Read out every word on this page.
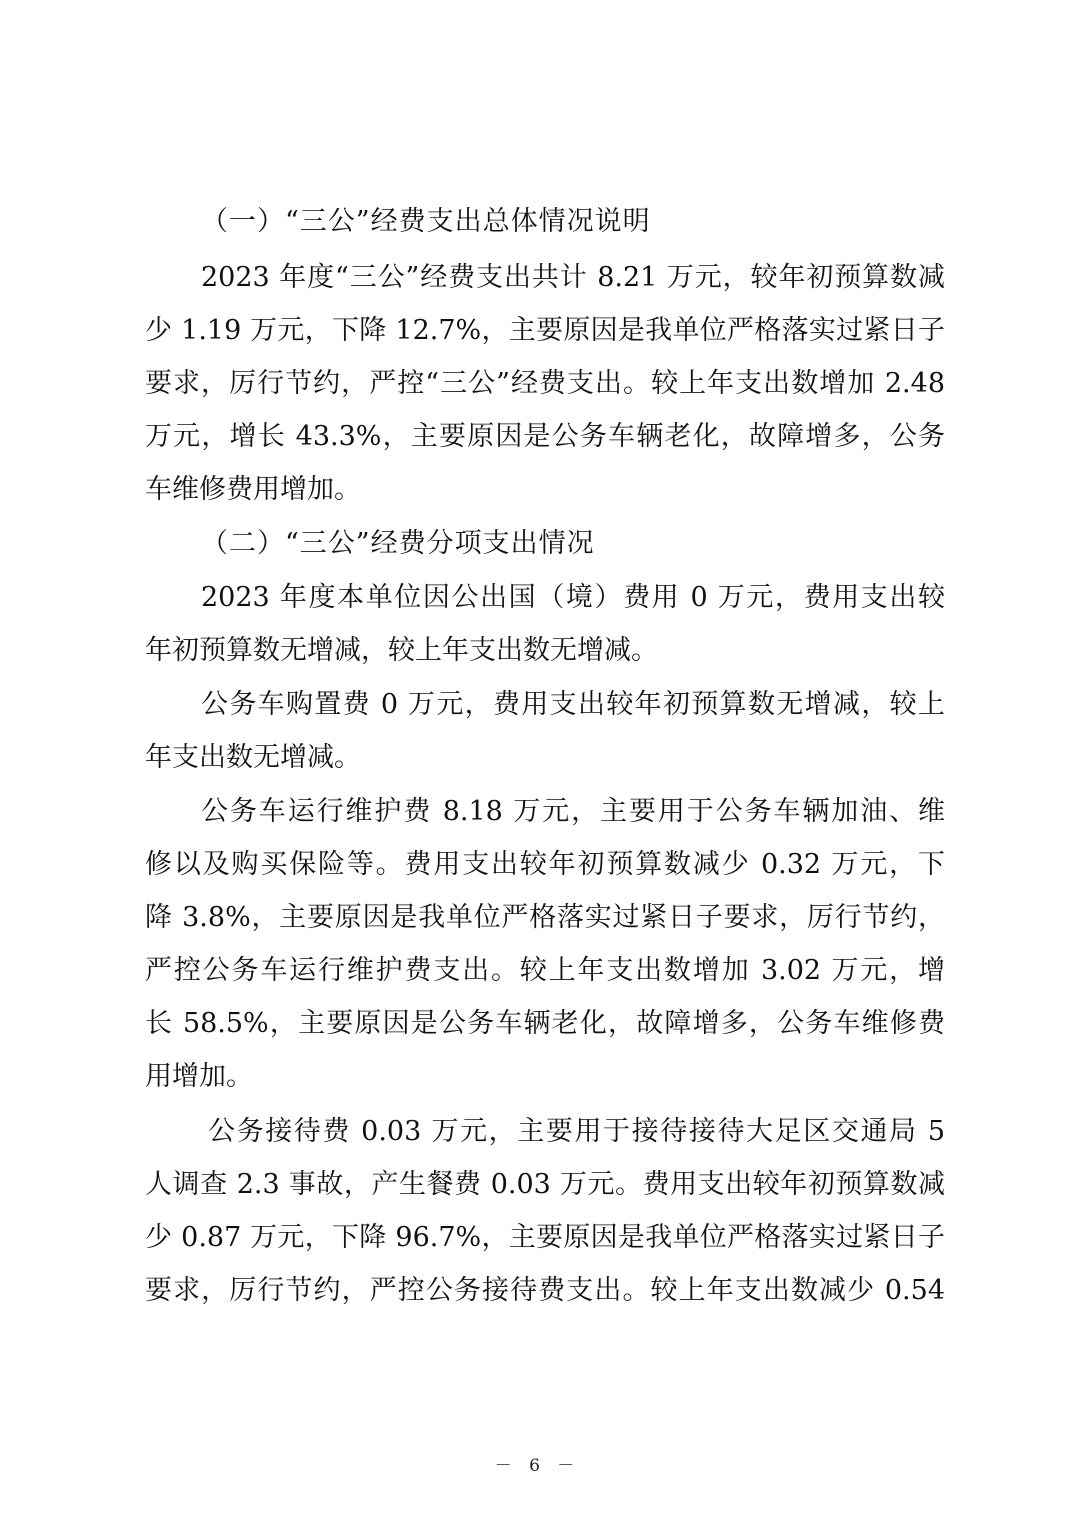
（一）“三公”经费支出总体情况说明
2023 年度“三公”经费支出共计 8.21 万元，较年初预算数减
少 1.19 万元，下降 12.7%，主要原因是我单位严格落实过紧日子
要求，厉行节约，严控“三公”经费支出。较上年支出数增加 2.48
万元，增长 43.3%，主要原因是公务车辆老化，故障增多，公务
车维修费用增加。
（二）“三公”经费分项支出情况
2023 年度本单位因公出国（境）费用 0 万元，费用支出较
年初预算数无增减，较上年支出数无增减。
公务车购置费 0 万元，费用支出较年初预算数无增减，较上
年支出数无增减。
公务车运行维护费 8.18 万元，主要用于公务车辆加油、维
修以及购买保险等。费用支出较年初预算数减少 0.32 万元，下
降 3.8%，主要原因是我单位严格落实过紧日子要求，厉行节约，
严控公务车运行维护费支出。较上年支出数增加 3.02 万元，增
长 58.5%，主要原因是公务车辆老化，故障增多，公务车维修费
用增加。
公务接待费 0.03 万元，主要用于接待接待大足区交通局 5
人调查 2.3 事故，产生餐费 0.03 万元。费用支出较年初预算数减
少 0.87 万元，下降 96.7%，主要原因是我单位严格落实过紧日子
要求，厉行节约，严控公务接待费支出。较上年支出数减少 0.54
－ 6 －
